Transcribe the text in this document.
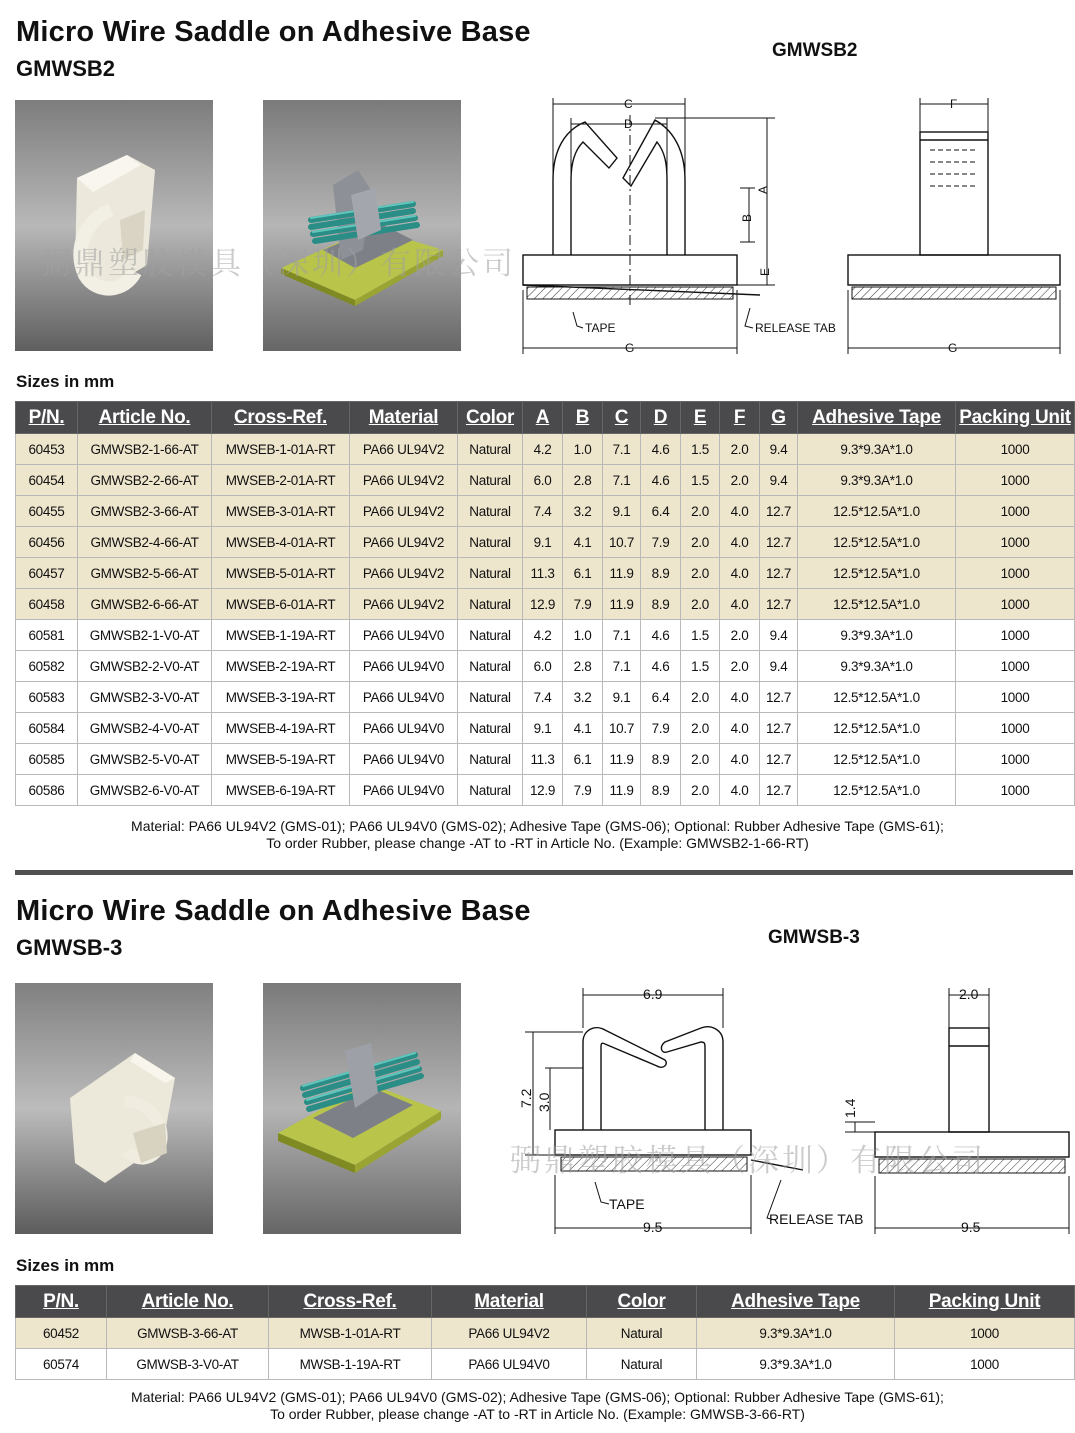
Micro Wire Saddle on Adhesive Base
GMWSB2
GMWSB2
弼鼎塑胶模具（深圳）有限公司
C
D
A
B
E
G
TAPE	RELEASE TAB
F
G
Sizes in mm
P/N.	Article No.	Cross-Ref.	Material	Color	A	B	C	D	E	F	G	Adhesive Tape	Packing Unit
60453	GMWSB2-1-66-AT	MWSEB-1-01A-RT	PA66 UL94V2	Natural	4.2	1.0	7.1	4.6	1.5	2.0	9.4	9.3*9.3A*1.0	1000
60454	GMWSB2-2-66-AT	MWSEB-2-01A-RT	PA66 UL94V2	Natural	6.0	2.8	7.1	4.6	1.5	2.0	9.4	9.3*9.3A*1.0	1000
60455	GMWSB2-3-66-AT	MWSEB-3-01A-RT	PA66 UL94V2	Natural	7.4	3.2	9.1	6.4	2.0	4.0	12.7	12.5*12.5A*1.0	1000
60456	GMWSB2-4-66-AT	MWSEB-4-01A-RT	PA66 UL94V2	Natural	9.1	4.1	10.7	7.9	2.0	4.0	12.7	12.5*12.5A*1.0	1000
60457	GMWSB2-5-66-AT	MWSEB-5-01A-RT	PA66 UL94V2	Natural	11.3	6.1	11.9	8.9	2.0	4.0	12.7	12.5*12.5A*1.0	1000
60458	GMWSB2-6-66-AT	MWSEB-6-01A-RT	PA66 UL94V2	Natural	12.9	7.9	11.9	8.9	2.0	4.0	12.7	12.5*12.5A*1.0	1000
60581	GMWSB2-1-V0-AT	MWSEB-1-19A-RT	PA66 UL94V0	Natural	4.2	1.0	7.1	4.6	1.5	2.0	9.4	9.3*9.3A*1.0	1000
60582	GMWSB2-2-V0-AT	MWSEB-2-19A-RT	PA66 UL94V0	Natural	6.0	2.8	7.1	4.6	1.5	2.0	9.4	9.3*9.3A*1.0	1000
60583	GMWSB2-3-V0-AT	MWSEB-3-19A-RT	PA66 UL94V0	Natural	7.4	3.2	9.1	6.4	2.0	4.0	12.7	12.5*12.5A*1.0	1000
60584	GMWSB2-4-V0-AT	MWSEB-4-19A-RT	PA66 UL94V0	Natural	9.1	4.1	10.7	7.9	2.0	4.0	12.7	12.5*12.5A*1.0	1000
60585	GMWSB2-5-V0-AT	MWSEB-5-19A-RT	PA66 UL94V0	Natural	11.3	6.1	11.9	8.9	2.0	4.0	12.7	12.5*12.5A*1.0	1000
60586	GMWSB2-6-V0-AT	MWSEB-6-19A-RT	PA66 UL94V0	Natural	12.9	7.9	11.9	8.9	2.0	4.0	12.7	12.5*12.5A*1.0	1000
Material: PA66 UL94V2 (GMS-01); PA66 UL94V0 (GMS-02); Adhesive Tape (GMS-06); Optional: Rubber Adhesive Tape (GMS-61);
To order Rubber, please change -AT to -RT in Article No. (Example: GMWSB2-1-66-RT)
Micro Wire Saddle on Adhesive Base
GMWSB-3	GMWSB-3
6.9
7.2 3.0
9.5
TAPE
RELEASE TAB
2.0
1.4
9.5
弼鼎塑胶模具（深圳）有限公司
Sizes in mm
P/N.	Article No.	Cross-Ref.	Material	Color	Adhesive Tape	Packing Unit
60452	GMWSB-3-66-AT	MWSB-1-01A-RT	PA66 UL94V2	Natural	9.3*9.3A*1.0	1000
60574	GMWSB-3-V0-AT	MWSB-1-19A-RT	PA66 UL94V0	Natural	9.3*9.3A*1.0	1000
Material: PA66 UL94V2 (GMS-01); PA66 UL94V0 (GMS-02); Adhesive Tape (GMS-06); Optional: Rubber Adhesive Tape (GMS-61);
To order Rubber, please change -AT to -RT in Article No. (Example: GMWSB-3-66-RT)
